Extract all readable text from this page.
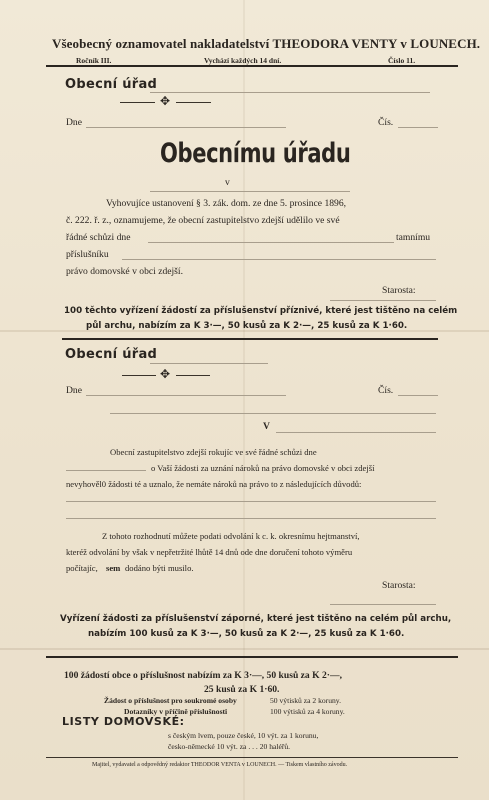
Všeobecný oznamovatel nakladatelství THEODORA VENTY v LOUNECH.
Ročník III.	Vychází každých 14 dní.	Číslo 11.
Obecní úřad
✥
Dne	Čís.
Obecnímu úřadu
v
Vyhovujíce ustanovení § 3. zák. dom. ze dne 5. prosince 1896,
č. 222. ř. z., oznamujeme, že obecní zastupitelstvo zdejší udělilo ve své
řádné schůzi dne	tamnímu
příslušníku
právo domovské v obci zdejší.
Starosta:
100 těchto vyřízení žádostí za příslušenství příznivé, které jest tištěno na celém
půl archu, nabízím za K 3·—, 50 kusů za K 2·—, 25 kusů za K 1·60.
Obecní úřad
✥
Dne	Čís.
V
Obecní zastupitelstvo zdejší rokujíc ve své řádné schůzi dne
o Vaší žádosti za uznání nároků na právo domovské v obci zdejší
nevyhověl0 žádosti té a uznalo, že nemáte nároků na právo to z následujících důvodů:
Z tohoto rozhodnutí můžete podati odvolání k c. k. okresnímu hejtmanství,
kteréž odvolání by však v nepřetržité lhůtě 14 dnů ode dne doručení tohoto výměru
počítajíc, sem dodáno býti musilo.
Starosta:
Vyřízení žádosti za příslušenství záporné, které jest tištěno na celém půl archu,
nabízím 100 kusů za K 3·—, 50 kusů za K 2·—, 25 kusů za K 1·60.
100 žádostí obce o příslušnost nabízím za K 3·—, 50 kusů za K 2·—,
25 kusů za K 1·60.
Žádost o příslušnost pro soukromé osoby	50 výtisků za 2 koruny.
Dotazníky v příčině příslušnosti	100 výtisků za 4 koruny.
LISTY DOMOVSKÉ:
s českým lvem, pouze české, 10 výt. za 1 korunu,
česko-německé 10 výt. za . . . 20 haléřů.
Majitel, vydavatel a odpovědný redaktor THEODOR VENTA v LOUNECH. — Tiskem vlastního závodu.
